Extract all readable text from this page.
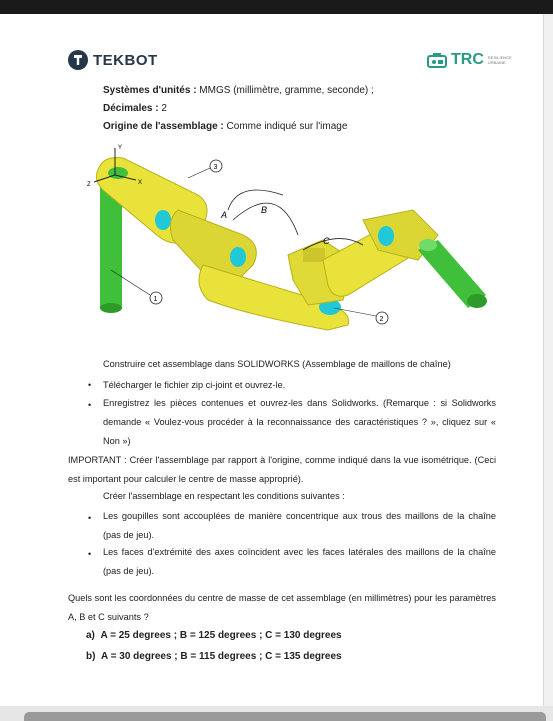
TEKBOT	TRC RESILIENCE URBAINE
Systèmes d'unités : MMGS (millimètre, gramme, seconde) ;
Décimales : 2
Origine de l'assemblage : Comme indiqué sur l'image
Y
X
Z
A	B
C
1
2
3
Construire cet assemblage dans SOLIDWORKS (Assemblage de maillons de chaîne)
• Télécharger le fichier zip ci-joint et ouvrez-le.
• Enregistrez les pièces contenues et ouvrez-les dans Solidworks. (Remarque : si Solidworks demande « Voulez-vous procéder à la reconnaissance des caractéristiques ? », cliquez sur « Non »)
IMPORTANT : Créer l'assemblage par rapport à l'origine, comme indiqué dans la vue isométrique. (Ceci est important pour calculer le centre de masse approprié).
Créer l'assemblage en respectant les conditions suivantes :
• Les goupilles sont accouplées de manière concentrique aux trous des maillons de la chaîne (pas de jeu).
• Les faces d'extrémité des axes coïncident avec les faces latérales des maillons de la chaîne (pas de jeu).
Quels sont les coordonnées du centre de masse de cet assemblage (en millimètres) pour les paramètres A, B et C suivants ?
a) A = 25 degrees ; B = 125 degrees ; C = 130 degrees
b) A = 30 degrees ; B = 115 degrees ; C = 135 degrees
